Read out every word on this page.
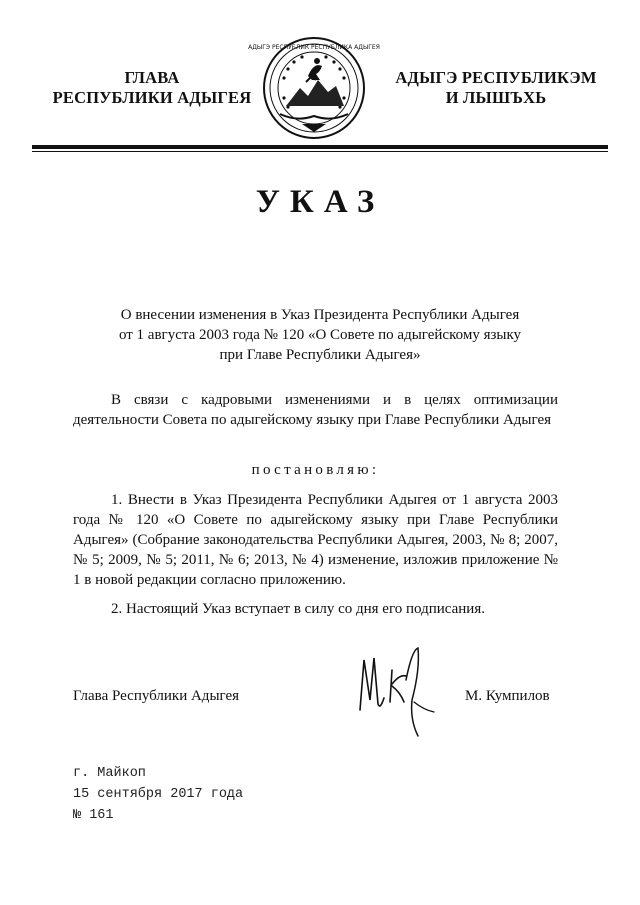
ГЛАВА
РЕСПУБЛИКИ АДЫГЕЯ
АДЫГЭ РЕСПУБЛИК РЕСПУБЛИКА АДЫГЕЯ
АДЫГЭ РЕСПУБЛИКЭМ
И ЛЫШЪХЬ
УКАЗ
О внесении изменения в Указ Президента Республики Адыгея
от 1 августа 2003 года № 120 «О Совете по адыгейскому языку
при Главе Республики Адыгея»
В связи с кадровыми изменениями и в целях оптимизации деятельности Совета по адыгейскому языку при Главе Республики Адыгея
постановляю:
1. Внести в Указ Президента Республики Адыгея от 1 августа 2003 года № 120 «О Совете по адыгейскому языку при Главе Республики Адыгея» (Собрание законодательства Республики Адыгея, 2003, № 8; 2007, № 5; 2009, № 5; 2011, № 6; 2013, № 4) изменение, изложив приложение № 1 в новой редакции согласно приложению.
2. Настоящий Указ вступает в силу со дня его подписания.
Глава Республики Адыгея	М. Кумпилов
г. Майкоп
15 сентября 2017 года
№ 161
